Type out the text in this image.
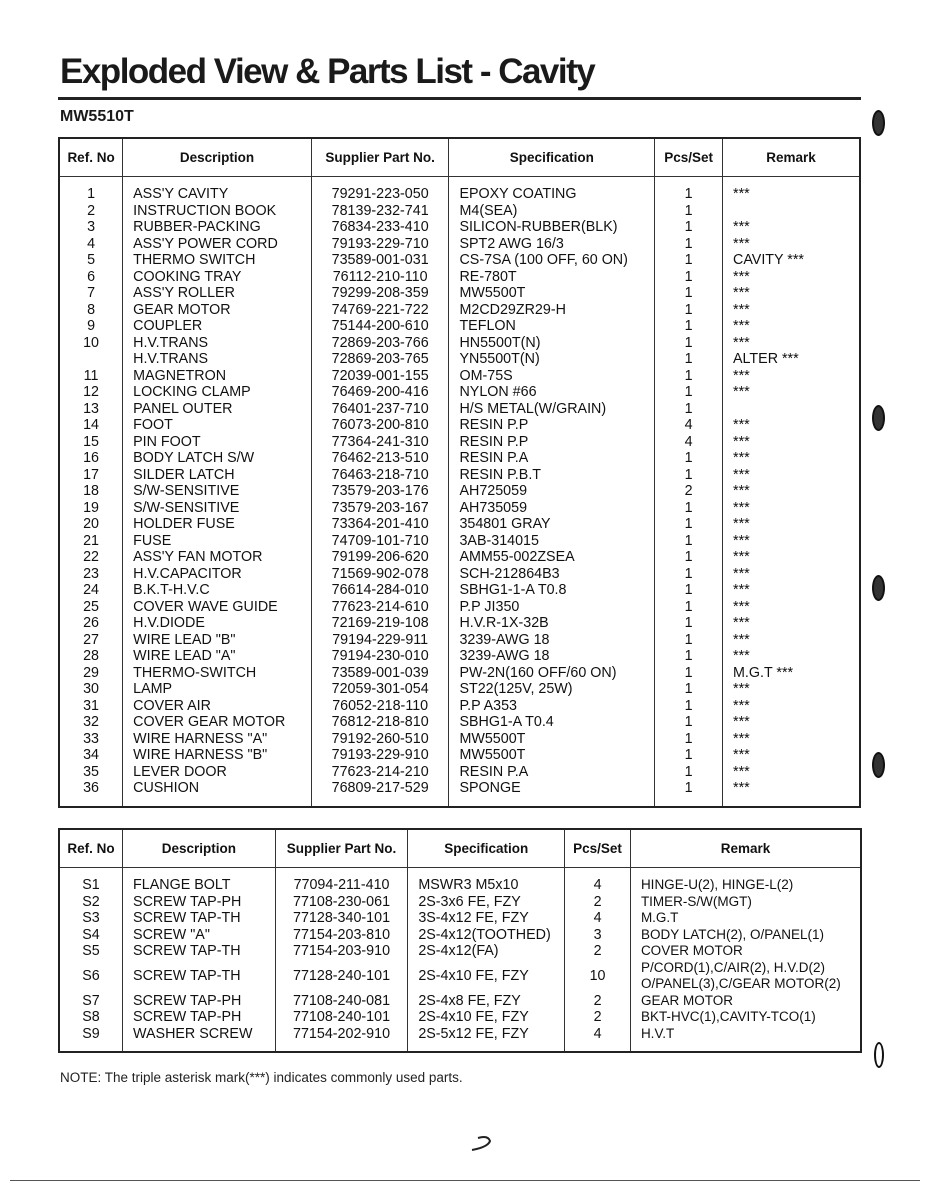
Exploded View & Parts List - Cavity
MW5510T
Ref. No	Description	Supplier Part No.	Specification	Pcs/Set	Remark

1	ASS'Y CAVITY	79291-223-050	EPOXY COATING	1	***
2	INSTRUCTION BOOK	78139-232-741	M4(SEA)	1	
3	RUBBER-PACKING	76834-233-410	SILICON-RUBBER(BLK)	1	***
4	ASS'Y POWER CORD	79193-229-710	SPT2 AWG 16/3	1	***
5	THERMO SWITCH	73589-001-031	CS-7SA (100 OFF, 60 ON)	1	CAVITY ***
6	COOKING TRAY	76112-210-110	RE-780T	1	***
7	ASS'Y ROLLER	79299-208-359	MW5500T	1	***
8	GEAR MOTOR	74769-221-722	M2CD29ZR29-H	1	***
9	COUPLER	75144-200-610	TEFLON	1	***
10	H.V.TRANS	72869-203-766	HN5500T(N)	1	***
	H.V.TRANS	72869-203-765	YN5500T(N)	1	ALTER ***
11	MAGNETRON	72039-001-155	OM-75S	1	***
12	LOCKING CLAMP	76469-200-416	NYLON #66	1	***
13	PANEL OUTER	76401-237-710	H/S METAL(W/GRAIN)	1	
14	FOOT	76073-200-810	RESIN P.P	4	***
15	PIN FOOT	77364-241-310	RESIN P.P	4	***
16	BODY LATCH S/W	76462-213-510	RESIN P.A	1	***
17	SILDER LATCH	76463-218-710	RESIN P.B.T	1	***
18	S/W-SENSITIVE	73579-203-176	AH725059	2	***
19	S/W-SENSITIVE	73579-203-167	AH735059	1	***
20	HOLDER FUSE	73364-201-410	354801 GRAY	1	***
21	FUSE	74709-101-710	3AB-314015	1	***
22	ASS'Y FAN MOTOR	79199-206-620	AMM55-002ZSEA	1	***
23	H.V.CAPACITOR	71569-902-078	SCH-212864B3	1	***
24	B.K.T-H.V.C	76614-284-010	SBHG1-1-A T0.8	1	***
25	COVER WAVE GUIDE	77623-214-610	P.P JI350	1	***
26	H.V.DIODE	72169-219-108	H.V.R-1X-32B	1	***
27	WIRE LEAD "B"	79194-229-911	3239-AWG 18	1	***
28	WIRE LEAD "A"	79194-230-010	3239-AWG 18	1	***
29	THERMO-SWITCH	73589-001-039	PW-2N(160 OFF/60 ON)	1	M.G.T ***
30	LAMP	72059-301-054	ST22(125V, 25W)	1	***
31	COVER AIR	76052-218-110	P.P A353	1	***
32	COVER GEAR MOTOR	76812-218-810	SBHG1-A T0.4	1	***
33	WIRE HARNESS "A"	79192-260-510	MW5500T	1	***
34	WIRE HARNESS "B"	79193-229-910	MW5500T	1	***
35	LEVER DOOR	77623-214-210	RESIN P.A	1	***
36	CUSHION	76809-217-529	SPONGE	1	***

Ref. No	Description	Supplier Part No.	Specification	Pcs/Set	Remark

S1	FLANGE BOLT	77094-211-410	MSWR3 M5x10	4	HINGE-U(2), HINGE-L(2)
S2	SCREW TAP-PH	77108-230-061	2S-3x6 FE, FZY	2	TIMER-S/W(MGT)
S3	SCREW TAP-TH	77128-340-101	3S-4x12 FE, FZY	4	M.G.T
S4	SCREW "A"	77154-203-810	2S-4x12(TOOTHED)	3	BODY LATCH(2), O/PANEL(1)
S5	SCREW TAP-TH	77154-203-910	2S-4x12(FA)	2	COVER MOTOR
S6	SCREW TAP-TH	77128-240-101	2S-4x10 FE, FZY	10	P/CORD(1),C/AIR(2), H.V.D(2)
O/PANEL(3),C/GEAR MOTOR(2)

S7	SCREW TAP-PH	77108-240-081	2S-4x8 FE, FZY	2	GEAR MOTOR
S8	SCREW TAP-PH	77108-240-101	2S-4x10 FE, FZY	2	BKT-HVC(1),CAVITY-TCO(1)
S9	WASHER SCREW	77154-202-910	2S-5x12 FE, FZY	4	H.V.T

NOTE: The triple asterisk mark(***) indicates commonly used parts.
